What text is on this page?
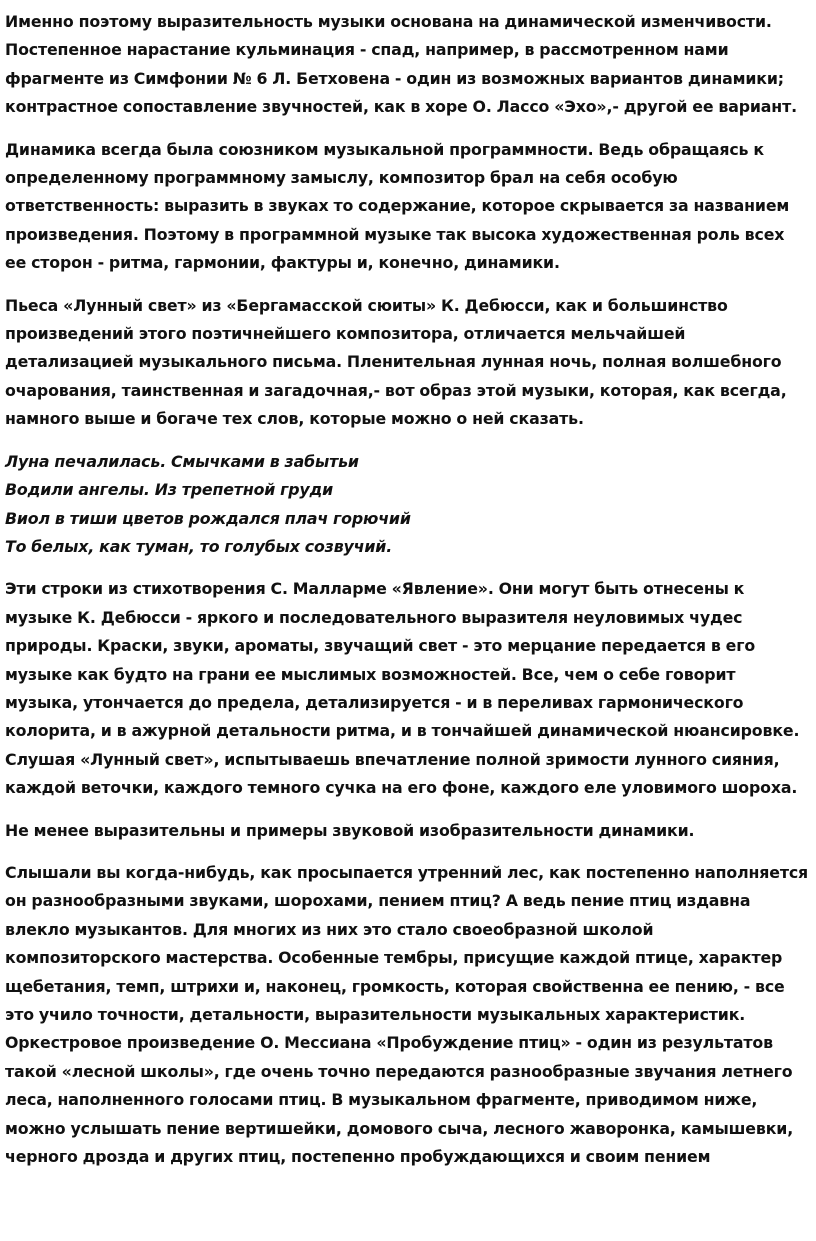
Именно поэтому выразительность музыки основана на динамической изменчивости.
Постепенное нарастание кульминация - спад, например, в рассмотренном нами
фрагменте из Симфонии № 6 Л. Бетховена - один из возможных вариантов динамики;
контрастное сопоставление звучностей, как в хоре О. Лассо «Эхо»,- другой ее вариант.
Динамика всегда была союзником музыкальной программности. Ведь обращаясь к
определенному программному замыслу, композитор брал на себя особую
ответственность: выразить в звуках то содержание, которое скрывается за названием
произведения. Поэтому в программной музыке так высока художественная роль всех
ее сторон - ритма, гармонии, фактуры и, конечно, динамики.
Пьеса «Лунный свет» из «Бергамасской сюиты» К. Дебюсси, как и большинство
произведений этого поэтичнейшего композитора, отличается мельчайшей
детализацией музыкального письма. Пленительная лунная ночь, полная волшебного
очарования, таинственная и загадочная,- вот образ этой музыки, которая, как всегда,
намного выше и богаче тех слов, которые можно о ней сказать.
Луна печалилась. Смычками в забытьи
Водили ангелы. Из трепетной груди
Виол в тиши цветов рождался плач горючий
То белых, как туман, то голубых созвучий.
Эти строки из стихотворения С. Малларме «Явление». Они могут быть отнесены к
музыке К. Дебюсси - яркого и последовательного выразителя неуловимых чудес
природы. Краски, звуки, ароматы, звучащий свет - это мерцание передается в его
музыке как будто на грани ее мыслимых возможностей. Все, чем о себе говорит
музыка, утончается до предела, детализируется - и в переливах гармонического
колорита, и в ажурной детальности ритма, и в тончайшей динамической нюансировке.
Слушая «Лунный свет», испытываешь впечатление полной зримости лунного сияния,
каждой веточки, каждого темного сучка на его фоне, каждого еле уловимого шороха.
Не менее выразительны и примеры звуковой изобразительности динамики.
Слышали вы когда-нибудь, как просыпается утренний лес, как постепенно наполняется
он разнообразными звуками, шорохами, пением птиц? А ведь пение птиц издавна
влекло музыкантов. Для многих из них это стало своеобразной школой
композиторского мастерства. Особенные тембры, присущие каждой птице, характер
щебетания, темп, штрихи и, наконец, громкость, которая свойственна ее пению, - все
это учило точности, детальности, выразительности музыкальных характеристик.
Оркестровое произведение О. Мессиана «Пробуждение птиц» - один из результатов
такой «лесной школы», где очень точно передаются разнообразные звучания летнего
леса, наполненного голосами птиц. В музыкальном фрагменте, приводимом ниже,
можно услышать пение вертишейки, домового сыча, лесного жаворонка, камышевки,
черного дрозда и других птиц, постепенно пробуждающихся и своим пением
